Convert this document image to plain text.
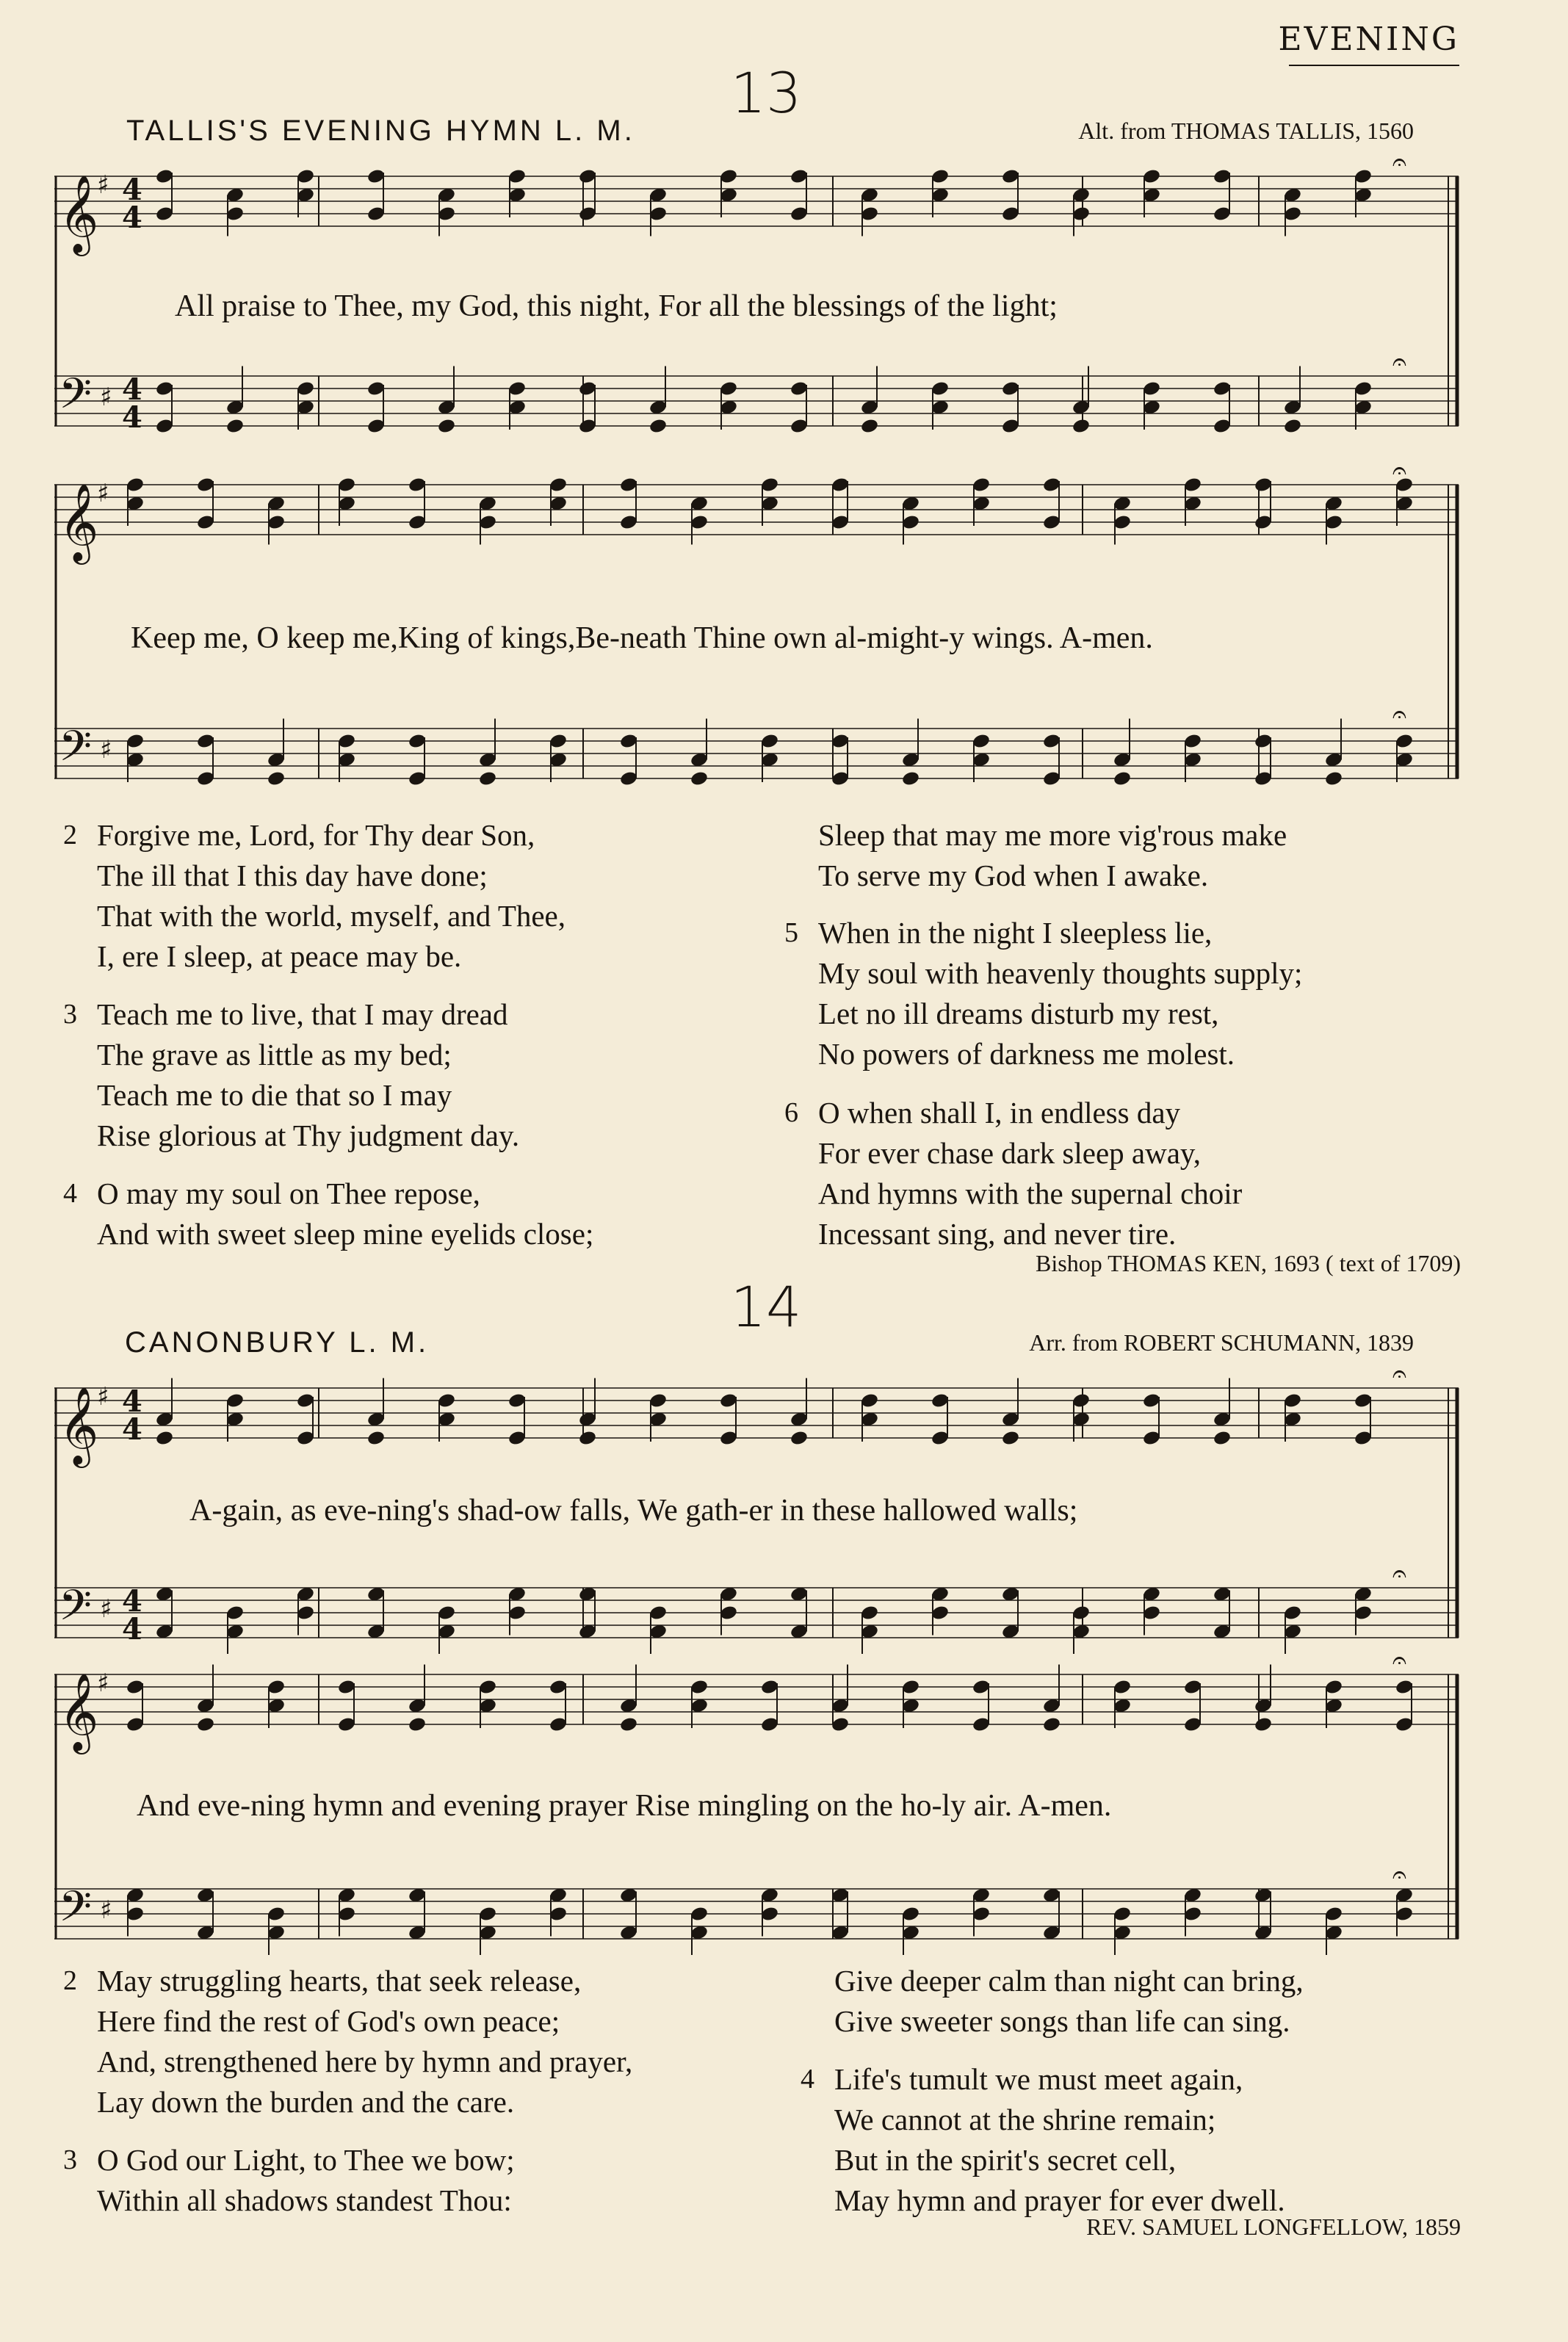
EVENING
13
TALLIS'S EVENING HYMN L. M.	Alt. from THOMAS TALLIS, 1560
𝄞
♯ 4
4
𝄐
𝄢 ♯ 4
4
𝄐
All praise to Thee, my God, this night, For all the blessings of the light;
𝄞
♯
𝄐
𝄢 ♯
𝄐
Keep me, O keep me,King of kings,Be-neath Thine own al-might-y wings. A-men.
2 Forgive me, Lord, for Thy dear Son,
The ill that I this day have done;
That with the world, myself, and Thee,
I, ere I sleep, at peace may be.
3 Teach me to live, that I may dread
The grave as little as my bed;
Teach me to die that so I may
Rise glorious at Thy judgment day.
4 O may my soul on Thee repose,
And with sweet sleep mine eyelids close;
Sleep that may me more vig'rous make
To serve my God when I awake.
5 When in the night I sleepless lie,
My soul with heavenly thoughts supply;
Let no ill dreams disturb my rest,
No powers of darkness me molest.
6 O when shall I, in endless day
For ever chase dark sleep away,
And hymns with the supernal choir
Incessant sing, and never tire.
Bishop THOMAS KEN, 1693 ( text of 1709)
14
CANONBURY L. M.	Arr. from ROBERT SCHUMANN, 1839
𝄞
♯ 4
4
𝄐
𝄢 ♯ 4
4
𝄐
A-gain, as eve-ning's shad-ow falls, We gath-er in these hallowed walls;
𝄞
♯
𝄐
𝄢 ♯
𝄐
And eve-ning hymn and evening prayer Rise mingling on the ho-ly air. A-men.
2 May struggling hearts, that seek release,
Here find the rest of God's own peace;
And, strengthened here by hymn and prayer,
Lay down the burden and the care.
3 O God our Light, to Thee we bow;
Within all shadows standest Thou:
Give deeper calm than night can bring,
Give sweeter songs than life can sing.
4 Life's tumult we must meet again,
We cannot at the shrine remain;
But in the spirit's secret cell,
May hymn and prayer for ever dwell.
REV. SAMUEL LONGFELLOW, 1859
